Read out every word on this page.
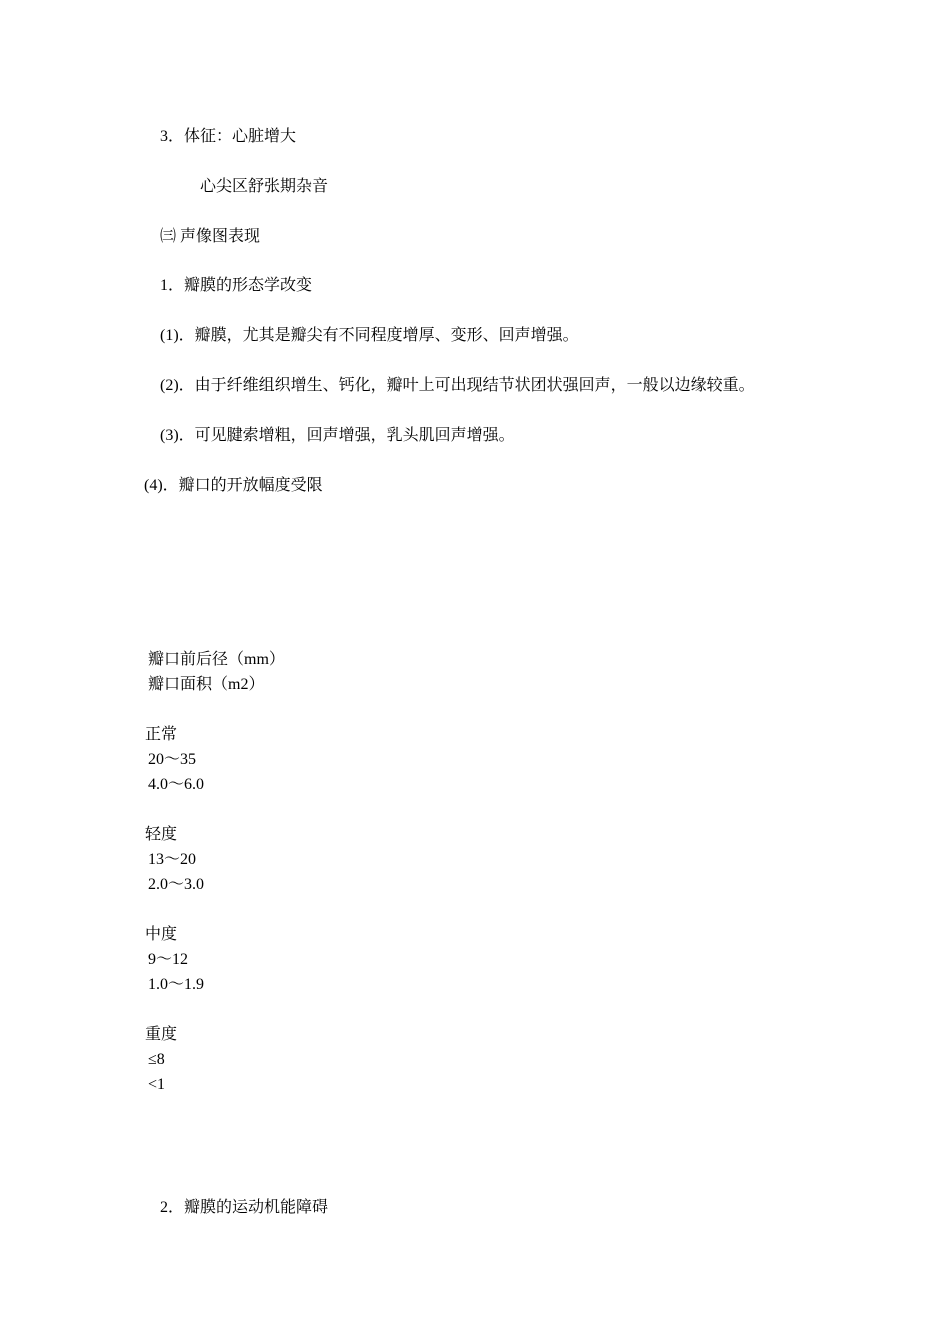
3．体征：心脏增大
心尖区舒张期杂音
㈢ 声像图表现
1．瓣膜的形态学改变
(1)．瓣膜，尤其是瓣尖有不同程度增厚、变形、回声增强。
(2)．由于纤维组织增生、钙化，瓣叶上可出现结节状团状强回声，一般以边缘较重。
(3)．可见腱索增粗，回声增强，乳头肌回声增强。
(4)．瓣口的开放幅度受限
瓣口前后径（mm）
瓣口面积（m2）
正常
20～35
4.0～6.0
轻度
13～20
2.0～3.0
中度
9～12
1.0～1.9
重度
≤8
<1
2．瓣膜的运动机能障碍
